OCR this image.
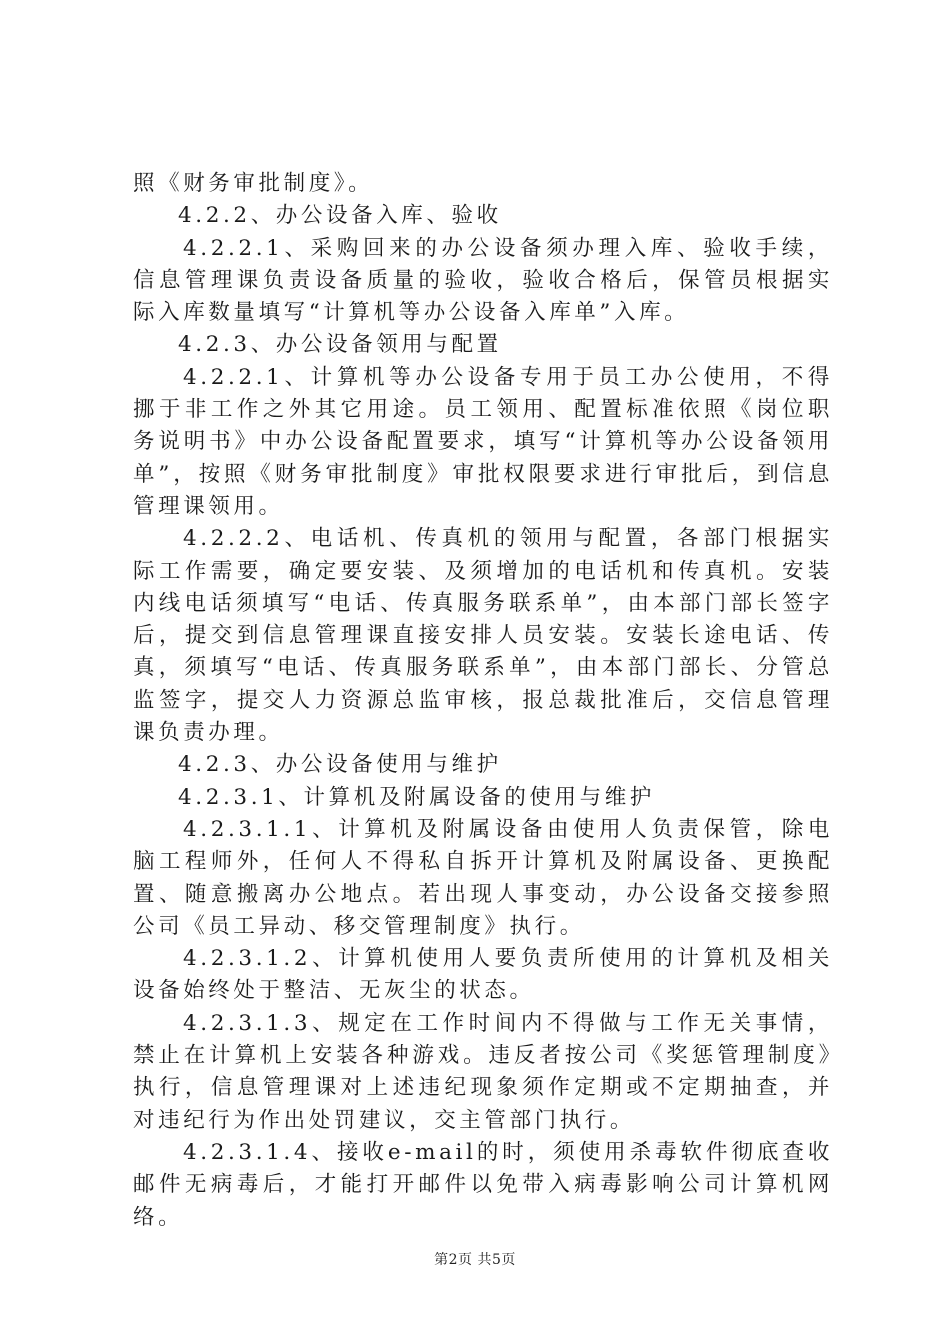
照《财务审批制度》。

4.2.2、办公设备入库、验收

4.2.2.1、采购回来的办公设备须办理入库、验收手续，信息管理课负责设备质量的验收，验收合格后，保管员根据实际入库数量填写“计算机等办公设备入库单”入库。

4.2.3、办公设备领用与配置

4.2.2.1、计算机等办公设备专用于员工办公使用，不得挪于非工作之外其它用途。员工领用、配置标准依照《岗位职务说明书》中办公设备配置要求，填写“计算机等办公设备领用单”，按照《财务审批制度》审批权限要求进行审批后，到信息管理课领用。

4.2.2.2、电话机、传真机的领用与配置，各部门根据实际工作需要，确定要安装、及须增加的电话机和传真机。安装内线电话须填写“电话、传真服务联系单”，由本部门部长签字后，提交到信息管理课直接安排人员安装。安装长途电话、传真，须填写“电话、传真服务联系单”，由本部门部长、分管总监签字，提交人力资源总监审核，报总裁批准后，交信息管理课负责办理。

4.2.3、办公设备使用与维护

4.2.3.1、计算机及附属设备的使用与维护

4.2.3.1.1、计算机及附属设备由使用人负责保管，除电脑工程师外，任何人不得私自拆开计算机及附属设备、更换配置、随意搬离办公地点。若出现人事变动，办公设备交接参照公司《员工异动、移交管理制度》执行。

4.2.3.1.2、计算机使用人要负责所使用的计算机及相关设备始终处于整洁、无灰尘的状态。

4.2.3.1.3、规定在工作时间内不得做与工作无关事情，禁止在计算机上安装各种游戏。违反者按公司《奖惩管理制度》执行，信息管理课对上述违纪现象须作定期或不定期抽查，并对违纪行为作出处罚建议，交主管部门执行。

4.2.3.1.4、接收e-mail的时，须使用杀毒软件彻底查收邮件无病毒后，才能打开邮件以免带入病毒影响公司计算机网络。

第2页 共5页
